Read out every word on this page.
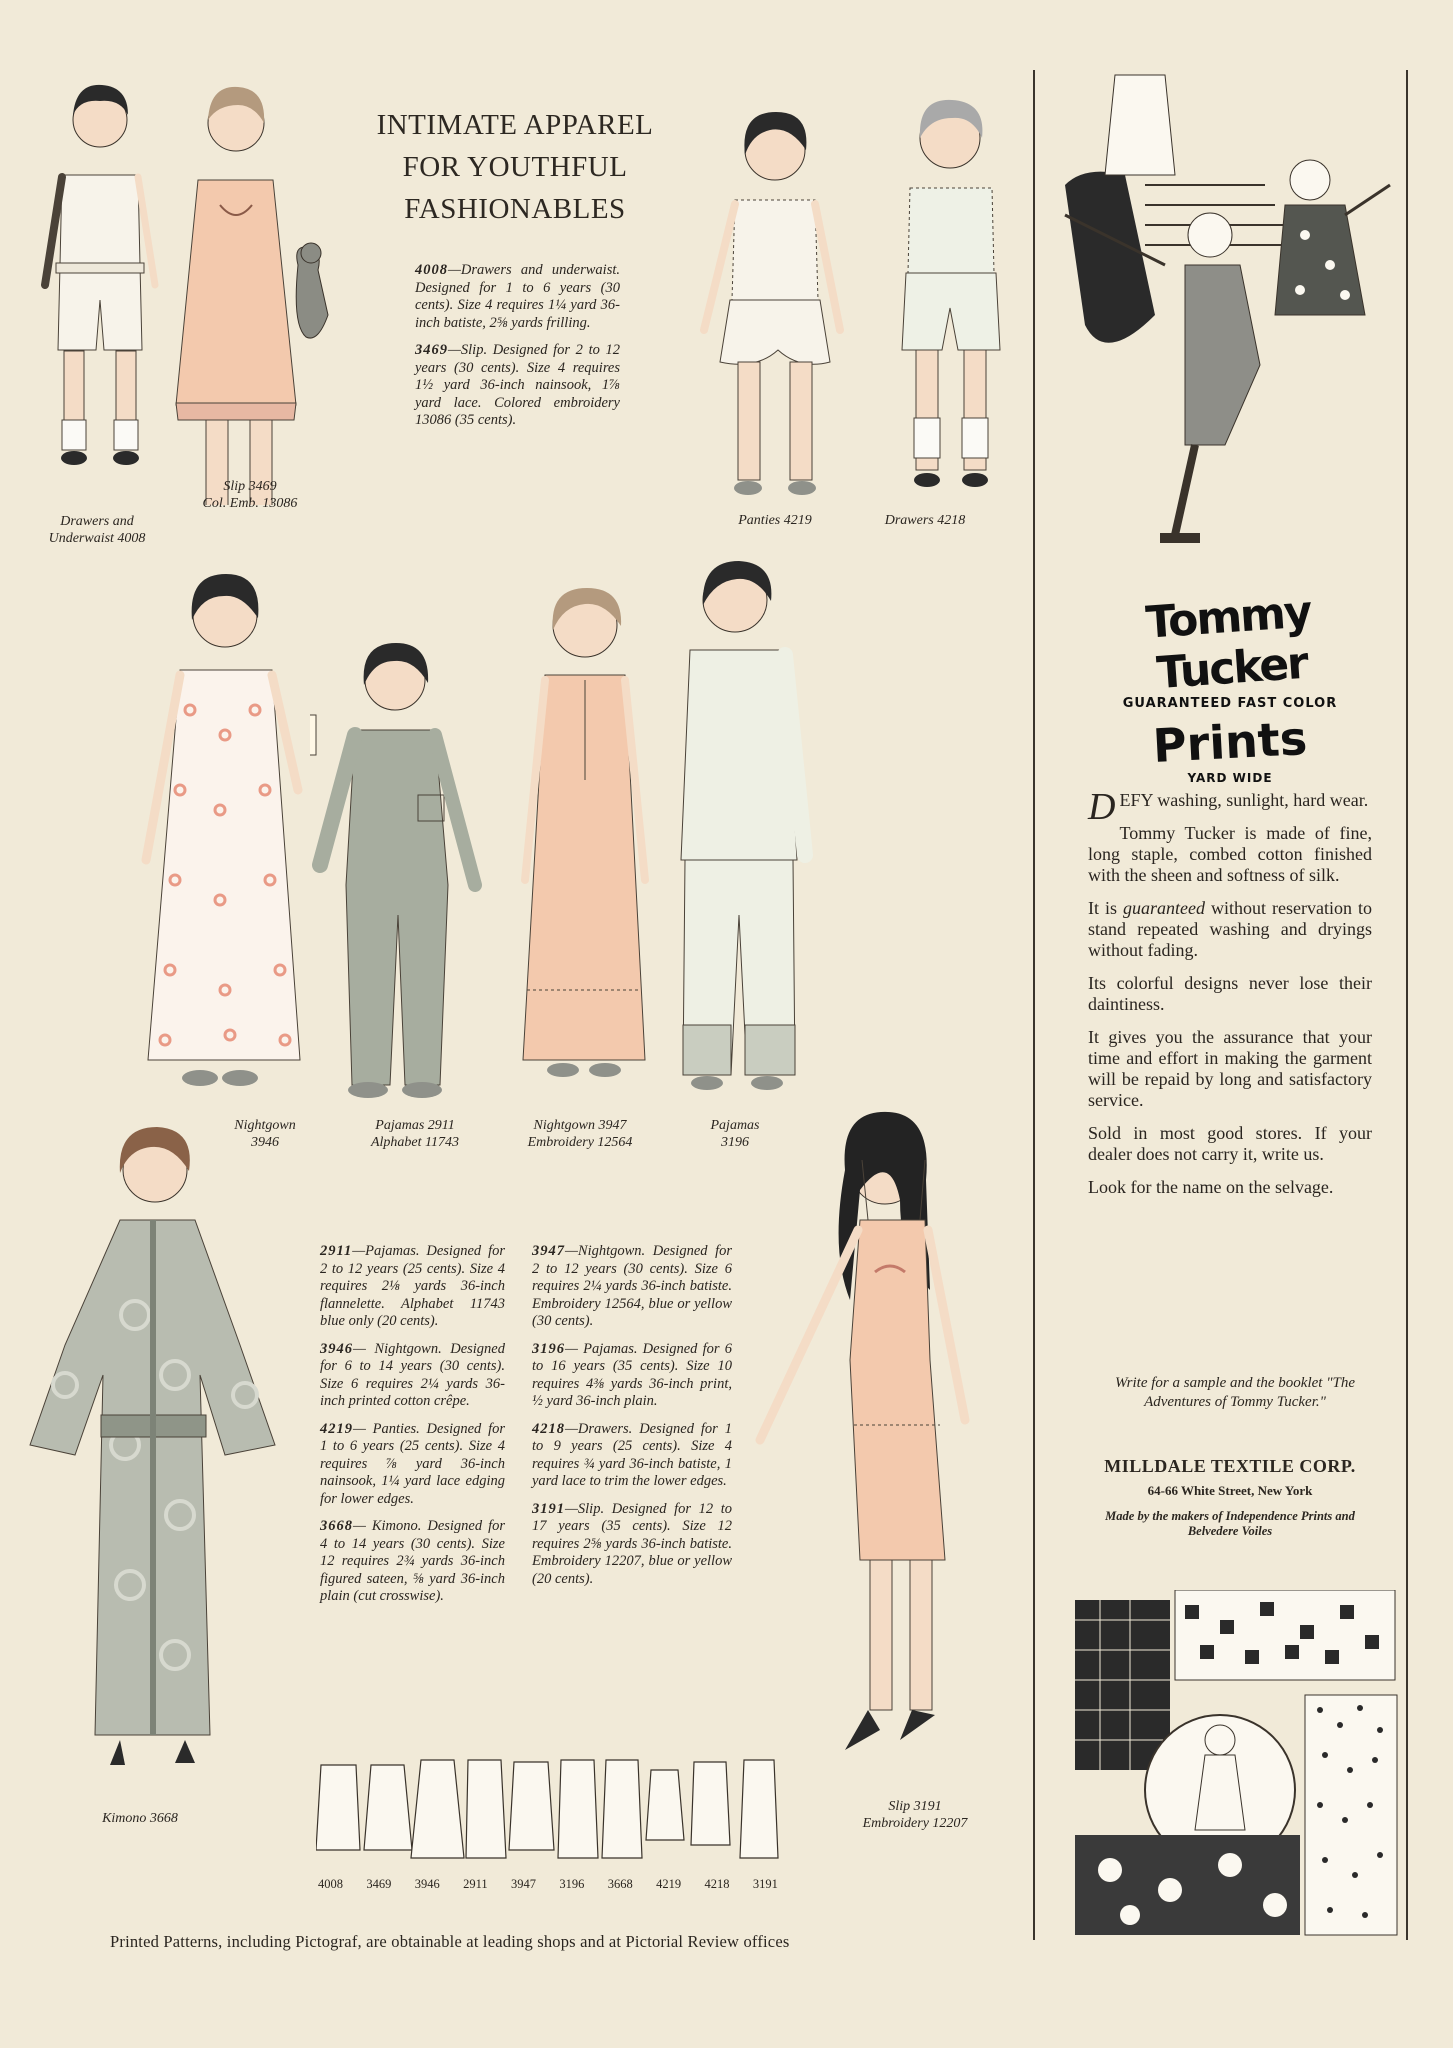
INTIMATE APPAREL
FOR YOUTHFUL
FASHIONABLES

4008—Drawers and underwaist. Designed for 1 to 6 years (30 cents). Size 4 requires 1¼ yard 36-inch batiste, 2⅝ yards frilling.

3469—Slip. Designed for 2 to 12 years (30 cents). Size 4 requires 1½ yard 36-inch nainsook, 1⅞ yard lace. Colored embroidery 13086 (35 cents).

Drawers and
Underwaist 4008
Slip 3469
Col. Emb. 13086
Panties 4219	Drawers 4218
Nightgown
3946
Pajamas 2911
Alphabet 11743
Nightgown 3947
Embroidery 12564
Pajamas
3196
Kimono 3668

2911—Pajamas. Designed for 2 to 12 years (25 cents). Size 4 requires 2⅛ yards 36-inch flannelette. Alphabet 11743 blue only (20 cents).

3946— Nightgown. Designed for 6 to 14 years (30 cents). Size 6 requires 2¼ yards 36-inch printed cotton crêpe.

4219— Panties. Designed for 1 to 6 years (25 cents). Size 4 requires ⅞ yard 36-inch nainsook, 1¼ yard lace edging for lower edges.

3668— Kimono. Designed for 4 to 14 years (30 cents). Size 12 requires 2¾ yards 36-inch figured sateen, ⅝ yard 36-inch plain (cut crosswise).

3947—Nightgown. Designed for 2 to 12 years (30 cents). Size 6 requires 2¼ yards 36-inch batiste. Embroidery 12564, blue or yellow (30 cents).

3196— Pajamas. Designed for 6 to 16 years (35 cents). Size 10 requires 4⅜ yards 36-inch print, ½ yard 36-inch plain.

4218—Drawers. Designed for 1 to 9 years (25 cents). Size 4 requires ¾ yard 36-inch batiste, 1 yard lace to trim the lower edges.

3191—Slip. Designed for 12 to 17 years (35 cents). Size 12 requires 2⅝ yards 36-inch batiste. Embroidery 12207, blue or yellow (20 cents).

Slip 3191
Embroidery 12207
4008 3469 3946 2911 3947 3196 3668 4219 4218 3191
Printed Patterns, including Pictograf, are obtainable at leading shops and at Pictorial Review offices
Tommy Tucker
GUARANTEED FAST COLOR
Prints
YARD WIDE

DEFY washing, sunlight, hard wear.

Tommy Tucker is made of fine, long staple, combed cotton finished with the sheen and softness of silk.

It is guaranteed without reservation to stand repeated washing and dryings without fading.

Its colorful designs never lose their daintiness.

It gives you the assurance that your time and effort in making the garment will be repaid by long and satisfactory service.

Sold in most good stores. If your dealer does not carry it, write us.

Look for the name on the selvage.

Write for a sample and the booklet "The Adventures of Tommy Tucker."
MILLDALE TEXTILE CORP.
64-66 White Street, New York
Made by the makers of Independence Prints and Belvedere Voiles
